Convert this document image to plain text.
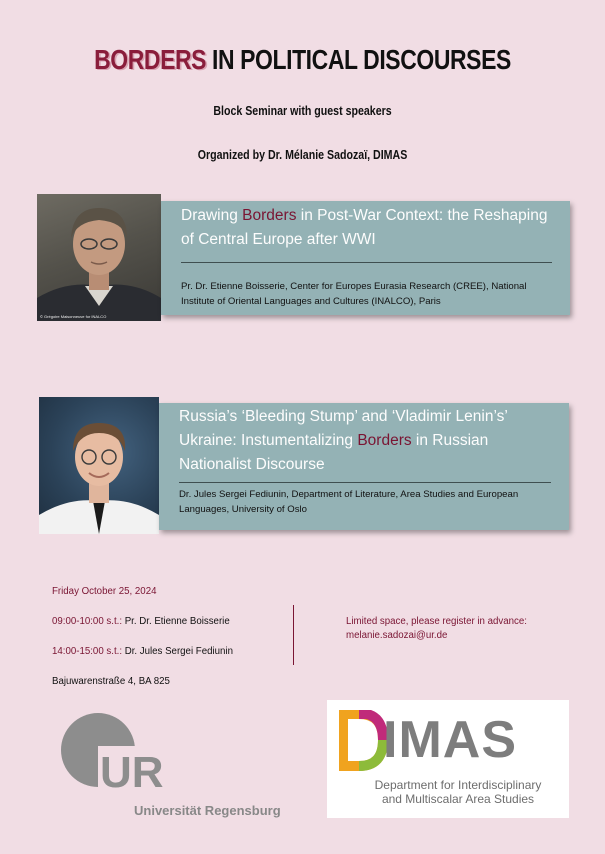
BORDERS IN POLITICAL DISCOURSES
Block Seminar with guest speakers
Organized by Dr. Mélanie Sadozaï, DIMAS
© Grégoire Maisonneuve for INALCO
Drawing Borders in Post-War Context: the Reshaping of Central Europe after WWI
Pr. Dr. Etienne Boisserie, Center for Europes Eurasia Research (CREE), National Institute of Oriental Languages and Cultures (INALCO), Paris
Russia’s ‘Bleeding Stump’ and ‘Vladimir Lenin’s’ Ukraine: Instumentalizing Borders in Russian Nationalist Discourse
Dr. Jules Sergei Fediunin, Department of Literature, Area Studies and European Languages, University of Oslo
Friday October 25, 2024
09:00-10:00 s.t.: Pr. Dr. Etienne Boisserie
14:00-15:00 s.t.: Dr. Jules Sergei Fediunin
Bajuwarenstraße 4, BA 825
Limited space, please register in advance:
melanie.sadozai@ur.de
UR
Universität Regensburg
IMAS
Department for Interdisciplinary
and Multiscalar Area Studies
